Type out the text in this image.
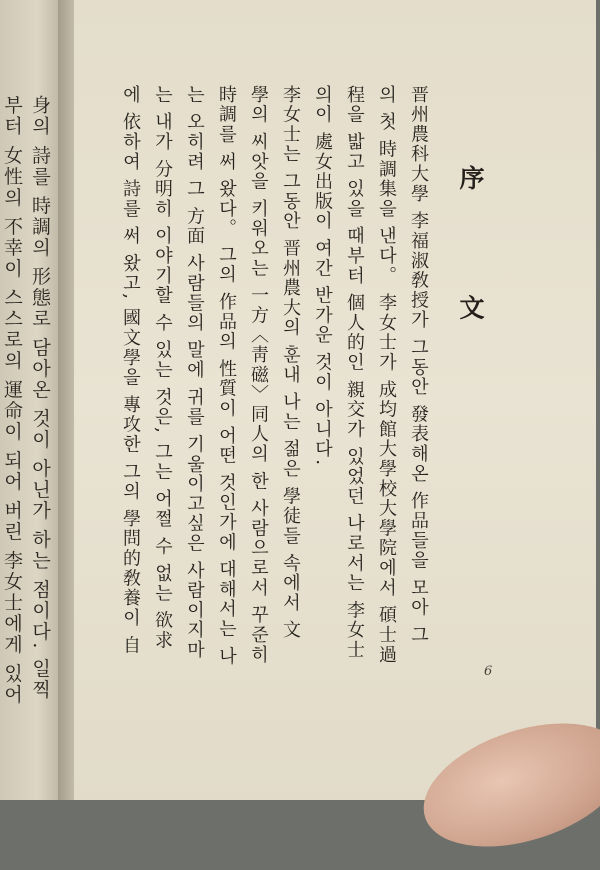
부터 女性의 不幸이 스스로의 運命이 되어 버린 李女士에게 있어 身의 詩를 時調의 形態로 담아온 것이 아닌가 하는 점이다. 일찍	序 文
晋州農科大學 李福淑敎授가 그동안 發表해온 作品들을 모아 그
의 첫 時調集을 낸다。 李女士가 成均館大學校大學院에서 碩士過
程을 밟고 있을 때부터 個人的인 親交가 있었던 나로서는 李女士
의이 處女出版이 여간 반가운 것이 아니다.
李女士는 그동안 晋州農大의 훈내 나는 젊은 學徒들 속에서 文
學의 씨앗을 키워오는 一方〈靑磁〉同人의 한 사람으로서 꾸준히
時調를 써 왔다。
그의 作品의 性質이 어떤 것인가에 대해서는 나
는 오히려 그 方面 사람들의 말에 귀를 기울이고싶은 사람이지마
는 내가 分明히 이야기할 수 있는 것은, 그는 어쩔 수 없는 欲求
에 依하여 詩를 써 왔고, 國文學을 專攻한 그의 學問的敎養이 自
6
